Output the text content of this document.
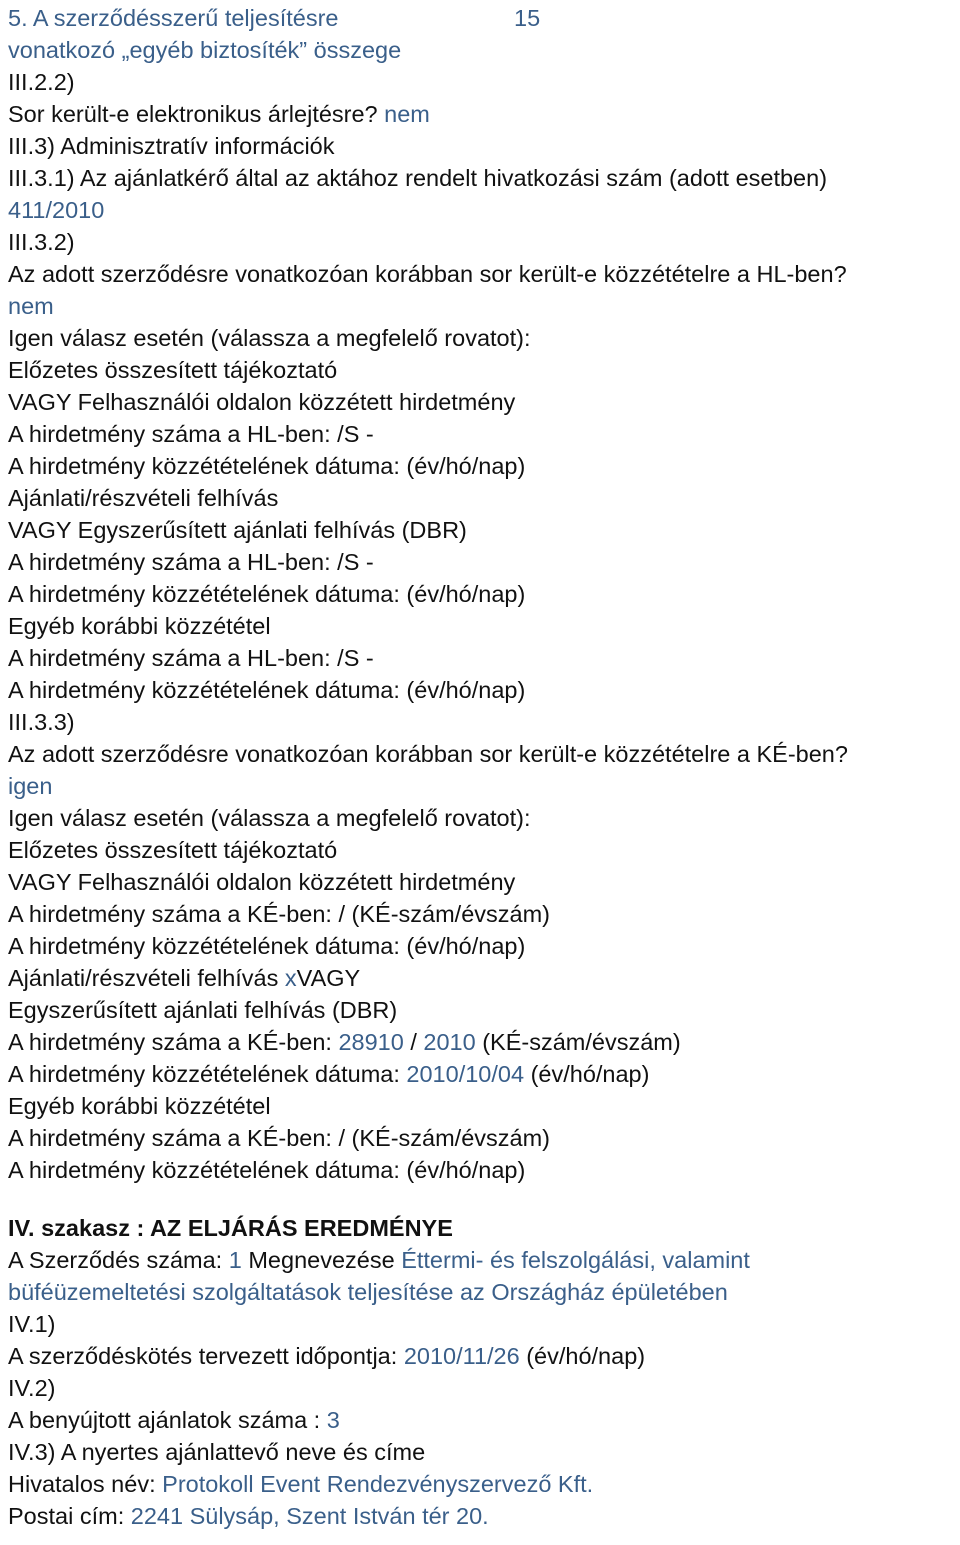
5. A szerződésszerű teljesítésre	15
vonatkozó „egyéb biztosíték” összege
III.2.2)
Sor került-e elektronikus árlejtésre? nem
III.3) Adminisztratív információk
III.3.1) Az ajánlatkérő által az aktához rendelt hivatkozási szám (adott esetben)
411/2010
III.3.2)
Az adott szerződésre vonatkozóan korábban sor került-e közzétételre a HL-ben?
nem
Igen válasz esetén (válassza a megfelelő rovatot):
Előzetes összesített tájékoztató
VAGY Felhasználói oldalon közzétett hirdetmény
A hirdetmény száma a HL-ben: /S -
A hirdetmény közzétételének dátuma: (év/hó/nap)
Ajánlati/részvételi felhívás
VAGY Egyszerűsített ajánlati felhívás (DBR)
A hirdetmény száma a HL-ben: /S -
A hirdetmény közzétételének dátuma: (év/hó/nap)
Egyéb korábbi közzététel
A hirdetmény száma a HL-ben: /S -
A hirdetmény közzétételének dátuma: (év/hó/nap)
III.3.3)
Az adott szerződésre vonatkozóan korábban sor került-e közzétételre a KÉ-ben?
igen
Igen válasz esetén (válassza a megfelelő rovatot):
Előzetes összesített tájékoztató
VAGY Felhasználói oldalon közzétett hirdetmény
A hirdetmény száma a KÉ-ben: / (KÉ-szám/évszám)
A hirdetmény közzétételének dátuma: (év/hó/nap)
Ajánlati/részvételi felhívás xVAGY
Egyszerűsített ajánlati felhívás (DBR)
A hirdetmény száma a KÉ-ben: 28910 / 2010 (KÉ-szám/évszám)
A hirdetmény közzétételének dátuma: 2010/10/04 (év/hó/nap)
Egyéb korábbi közzététel
A hirdetmény száma a KÉ-ben: / (KÉ-szám/évszám)
A hirdetmény közzétételének dátuma: (év/hó/nap)
IV. szakasz : AZ ELJÁRÁS EREDMÉNYE
A Szerződés száma: 1 Megnevezése Éttermi- és felszolgálási, valamint
büféüzemeltetési szolgáltatások teljesítése az Országház épületében
IV.1)
A szerződéskötés tervezett időpontja: 2010/11/26 (év/hó/nap)
IV.2)
A benyújtott ajánlatok száma : 3
IV.3) A nyertes ajánlattevő neve és címe
Hivatalos név: Protokoll Event Rendezvényszervező Kft.
Postai cím: 2241 Sülysáp, Szent István tér 20.
